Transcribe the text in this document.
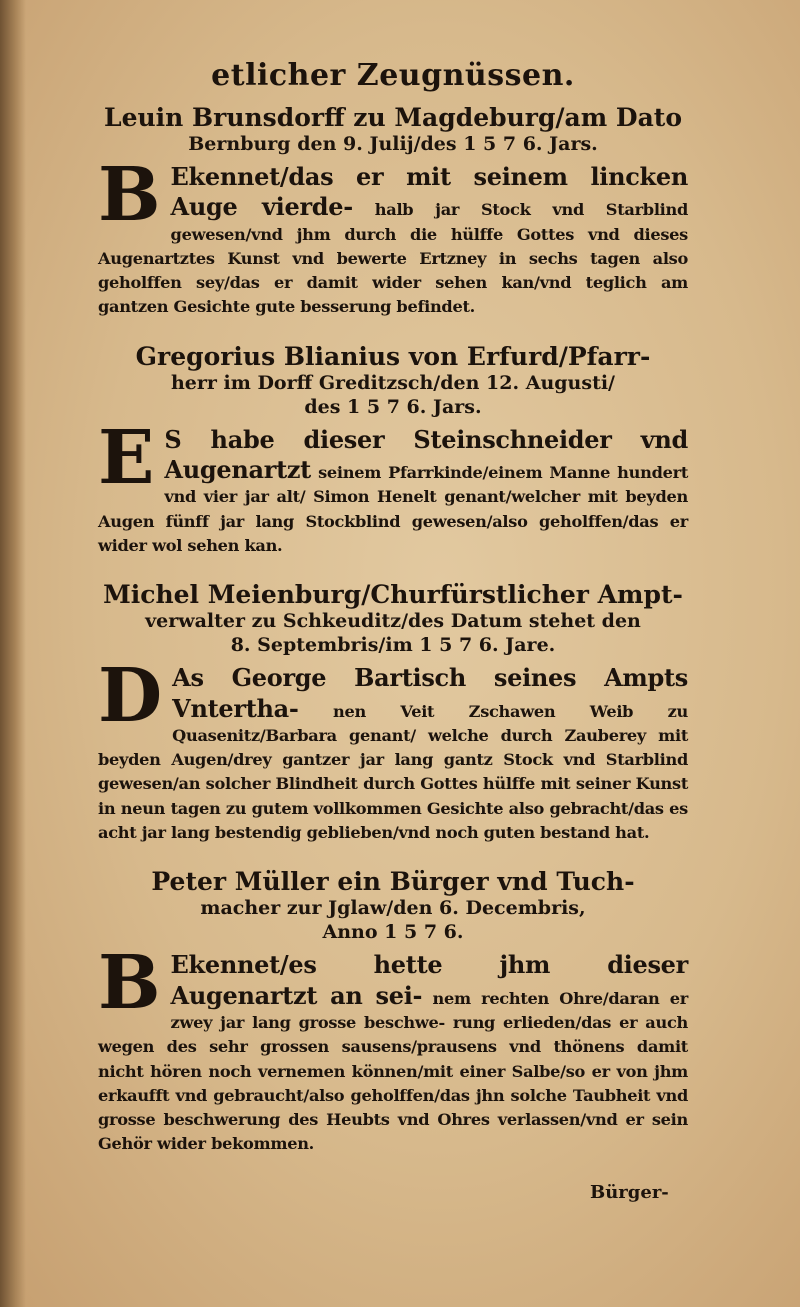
etlicher Zeugnüssen.
Leuin Brunsdorff zu Magdeburg/am Dato
Bernburg den 9. Julij/des 1 5 7 6. Jars.
B Ekennet/das er mit seinem lincken Auge vierde- halb jar Stock vnd Starblind gewesen/vnd jhm durch die hülffe Gottes vnd dieses Augenartztes Kunst vnd bewerte Ertzney in sechs tagen also geholffen sey/das er damit wider sehen kan/vnd teglich am gantzen Gesichte gute besserung befindet.

Gregorius Blianius von Erfurd/Pfarr-
herr im Dorff Greditzsch/den 12. Augusti/
des 1 5 7 6. Jars.
E S habe dieser Steinschneider vnd Augenartzt seinem Pfarrkinde/einem Manne hundert vnd vier jar alt/ Simon Henelt genant/welcher mit beyden Augen fünff jar lang Stockblind gewesen/also geholffen/das er wider wol sehen kan.

Michel Meienburg/Churfürstlicher Ampt-
verwalter zu Schkeuditz/des Datum stehet den
8. Septembris/im 1 5 7 6. Jare.
D As George Bartisch seines Ampts Vntertha- nen Veit Zschawen Weib zu Quasenitz/Barbara genant/ welche durch Zauberey mit beyden Augen/drey gantzer jar lang gantz Stock vnd Starblind gewesen/an solcher Blindheit durch Gottes hülffe mit seiner Kunst in neun tagen zu gutem vollkommen Gesichte also gebracht/das es acht jar lang bestendig geblieben/vnd noch guten bestand hat.

Peter Müller ein Bürger vnd Tuch-
macher zur Jglaw/den 6. Decembris,
Anno 1 5 7 6.
B Ekennet/es hette jhm dieser Augenartzt an sei- nem rechten Ohre/daran er zwey jar lang grosse beschwe- rung erlieden/das er auch wegen des sehr grossen sausens/prausens vnd thönens damit nicht hören noch vernemen können/mit einer Salbe/so er von jhm erkaufft vnd gebraucht/also geholffen/das jhn solche Taubheit vnd grosse beschwerung des Heubts vnd Ohres verlassen/vnd er sein Gehör wider bekommen.

Bürger-
